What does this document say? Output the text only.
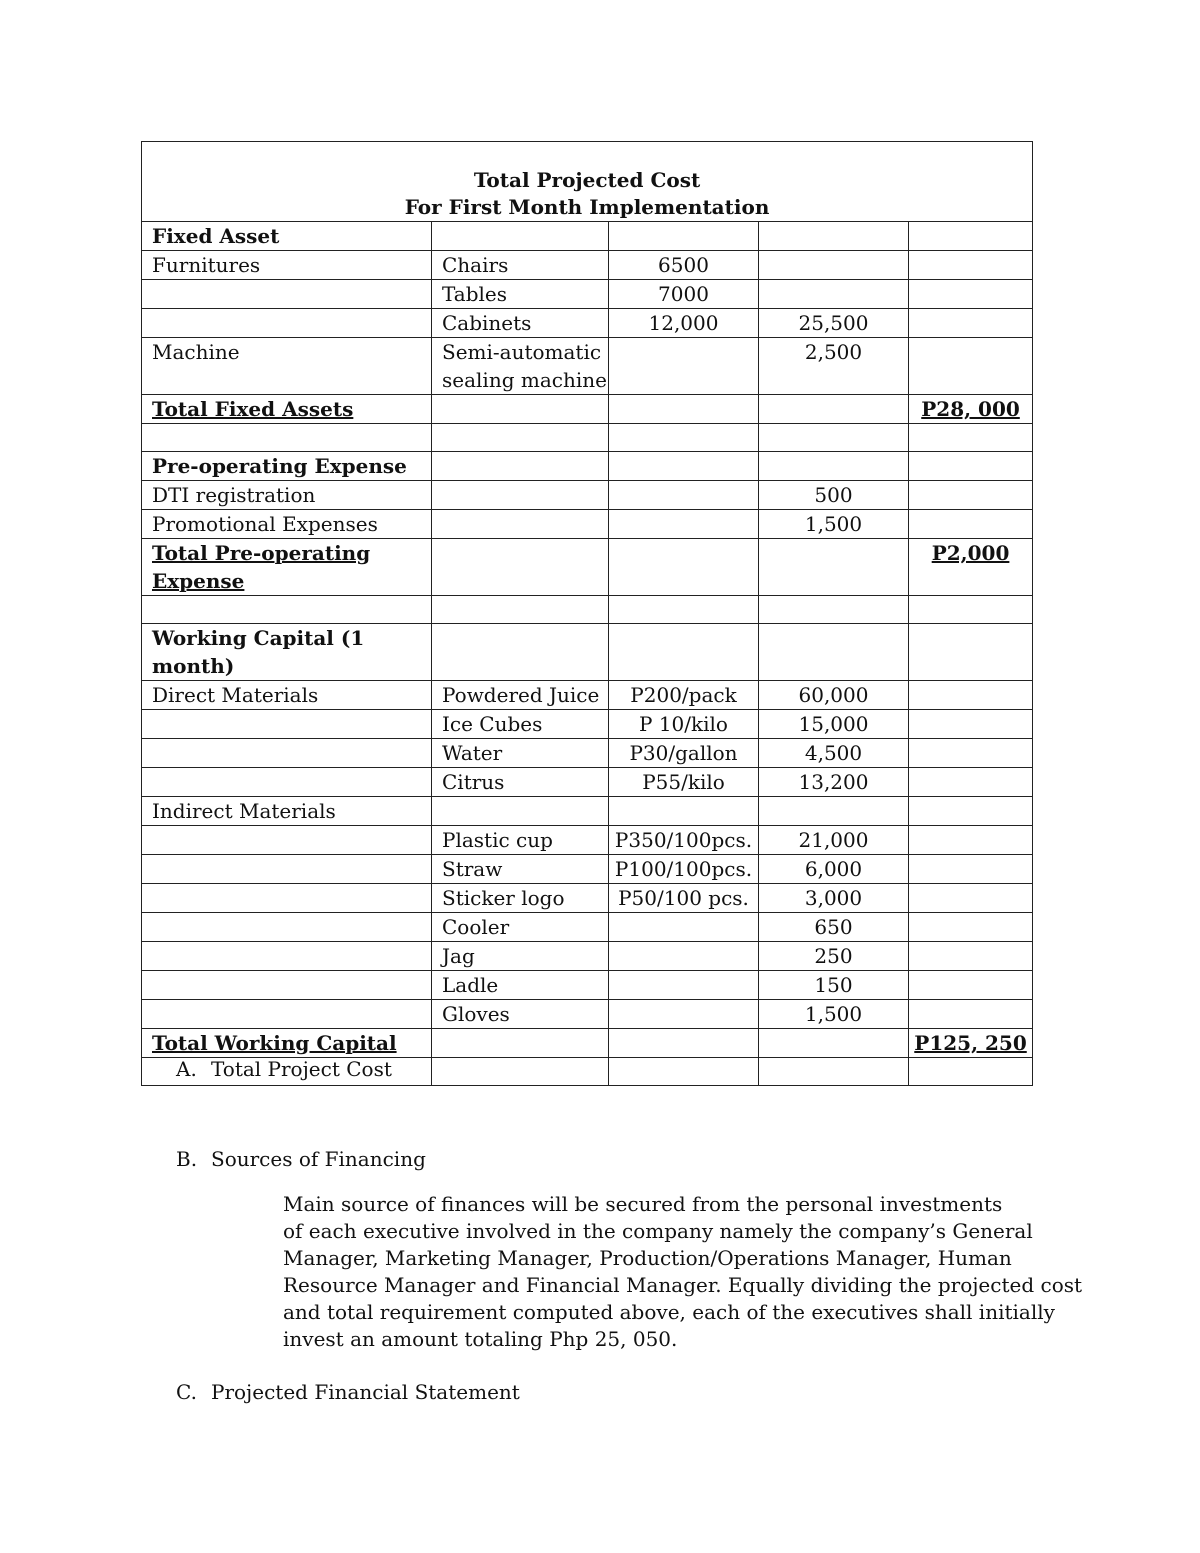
Total Projected Cost
For First Month Implementation				

Fixed Asset				
Furnitures	Chairs	6500		
	Tables	7000		
	Cabinets	12,000	25,500	
Machine	Semi-automatic sealing machine		2,500	
Total Fixed Assets				P28, 000

Pre-operating Expense				
DTI registration			500	
Promotional Expenses			1,500	
Total Pre-operating Expense				P2,000

Working Capital (1 month)				
Direct Materials	Powdered Juice	P200/pack	60,000	
	Ice Cubes	P 10/kilo	15,000	
	Water	P30/gallon	4,500	
	Citrus	P55/kilo	13,200	
Indirect Materials				
	Plastic cup	P350/100pcs.	21,000	
	Straw	P100/100pcs.	6,000	
	Sticker logo	P50/100 pcs.	3,000	
	Cooler		650	
	Jag		250	
	Ladle		150	
	Gloves		1,500	
Total Working Capital				P125, 250

A. Total Project Cost
B. Sources of Financing

Main source of finances will be secured from the personal investments
of each executive involved in the company namely the company’s General
Manager, Marketing Manager, Production/Operations Manager, Human
Resource Manager and Financial Manager. Equally dividing the projected cost
and total requirement computed above, each of the executives shall initially
invest an amount totaling Php 25, 050.

C. Projected Financial Statement
